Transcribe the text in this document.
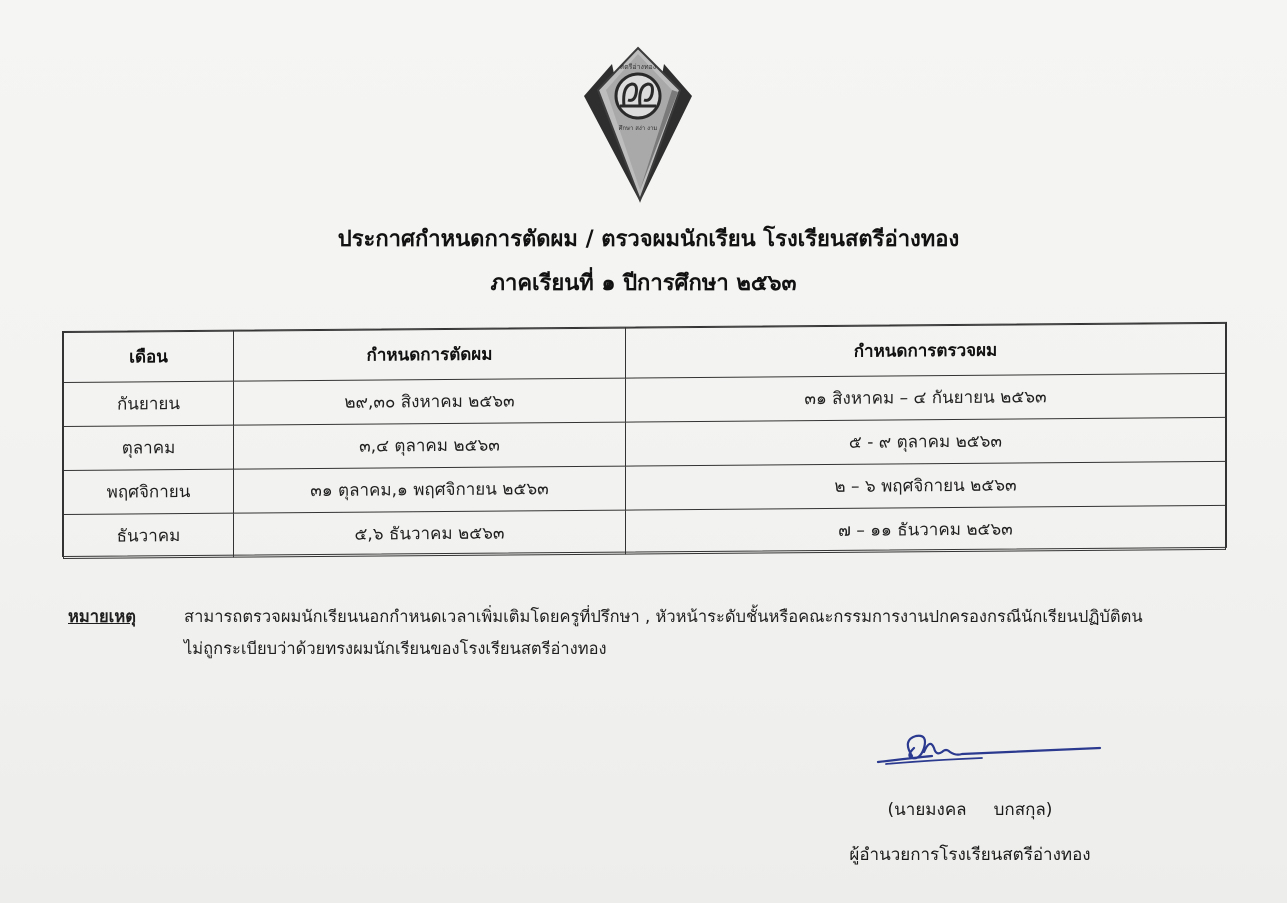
สตรีอ่างทอง
ศึกษา สง่า งาม
ประกาศกำหนดการตัดผม / ตรวจผมนักเรียน โรงเรียนสตรีอ่างทอง
ภาคเรียนที่ ๑ ปีการศึกษา ๒๕๖๓
เดือน	กำหนดการตัดผม	กำหนดการตรวจผม
กันยายน	๒๙,๓๐ สิงหาคม ๒๕๖๓	๓๑ สิงหาคม – ๔ กันยายน ๒๕๖๓
ตุลาคม	๓,๔ ตุลาคม ๒๕๖๓	๕ - ๙ ตุลาคม ๒๕๖๓
พฤศจิกายน	๓๑ ตุลาคม,๑ พฤศจิกายน ๒๕๖๓	๒ – ๖ พฤศจิกายน ๒๕๖๓
ธันวาคม	๕,๖ ธันวาคม ๒๕๖๓	๗ – ๑๑ ธันวาคม ๒๕๖๓
หมายเหตุ	สามารถตรวจผมนักเรียนนอกกำหนดเวลาเพิ่มเติมโดยครูที่ปรึกษา , หัวหน้าระดับชั้นหรือคณะกรรมการงานปกครองกรณีนักเรียนปฏิบัติตน
ไม่ถูกระเบียบว่าด้วยทรงผมนักเรียนของโรงเรียนสตรีอ่างทอง
(นายมงคล     บกสกุล)
ผู้อำนวยการโรงเรียนสตรีอ่างทอง
